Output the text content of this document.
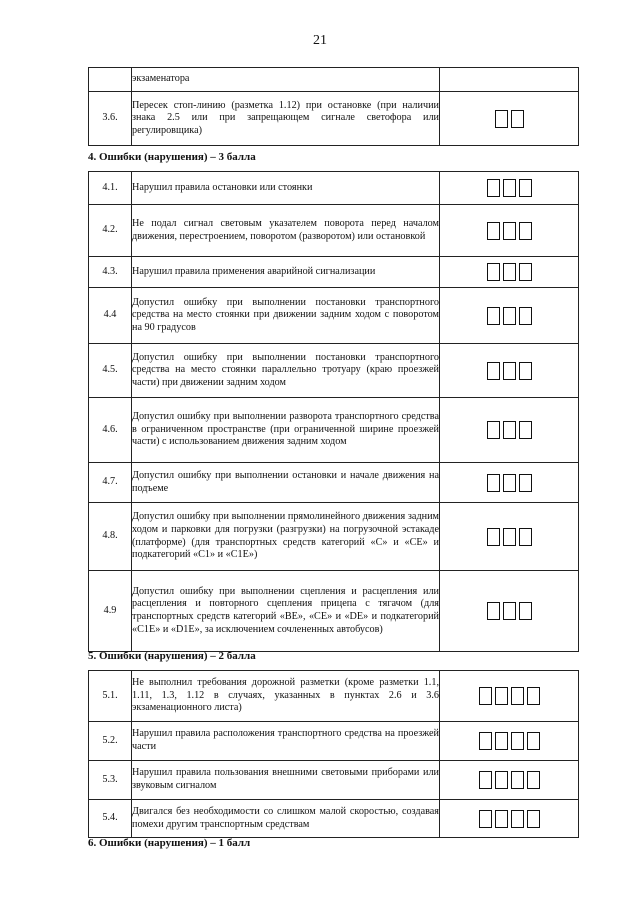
21
	экзаменатора	
3.6.	Пересек стоп-линию (разметка 1.12) при остановке (при наличии знака 2.5 или при запрещающем сигнале светофора или регулировщика)	
4. Ошибки (нарушения) – 3 балла
4.1.	Нарушил правила остановки или стоянки	
4.2.	Не подал сигнал световым указателем поворота перед началом движения, перестроением, поворотом (разворотом) или остановкой	
4.3.	Нарушил правила применения аварийной сигнализации	
4.4	Допустил ошибку при выполнении постановки транспортного средства на место стоянки при движении задним ходом с поворотом на 90 градусов	
4.5.	Допустил ошибку при выполнении постановки транспортного средства на место стоянки параллельно тротуару (краю проезжей части) при движении задним ходом	
4.6.	Допустил ошибку при выполнении разворота транспортного средства в ограниченном пространстве (при ограниченной ширине проезжей части) с использованием движения задним ходом	
4.7.	Допустил ошибку при выполнении остановки и начале движения на подъеме	
4.8.	Допустил ошибку при выполнении прямолинейного движения задним ходом и парковки для погрузки (разгрузки) на погрузочной эстакаде (платформе) (для транспортных средств категорий «С» и «СЕ» и подкатегорий «С1» и «С1Е»)	
4.9	Допустил ошибку при выполнении сцепления и расцепления или расцепления и повторного сцепления прицепа с тягачом (для транспортных средств категорий «ВЕ», «СЕ» и «DE» и подкатегорий «С1Е» и «D1E», за исключением сочлененных автобусов)	
5. Ошибки (нарушения) – 2 балла
5.1.	Не выполнил требования дорожной разметки (кроме разметки 1.1, 1.11, 1.3, 1.12 в случаях, указанных в пунктах 2.6 и 3.6 экзаменационного листа)	
5.2.	Нарушил правила расположения транспортного средства на проезжей части	
5.3.	Нарушил правила пользования внешними световыми приборами или звуковым сигналом	
5.4.	Двигался без необходимости со слишком малой скоростью, создавая помехи другим транспортным средствам	
6. Ошибки (нарушения) – 1 балл
